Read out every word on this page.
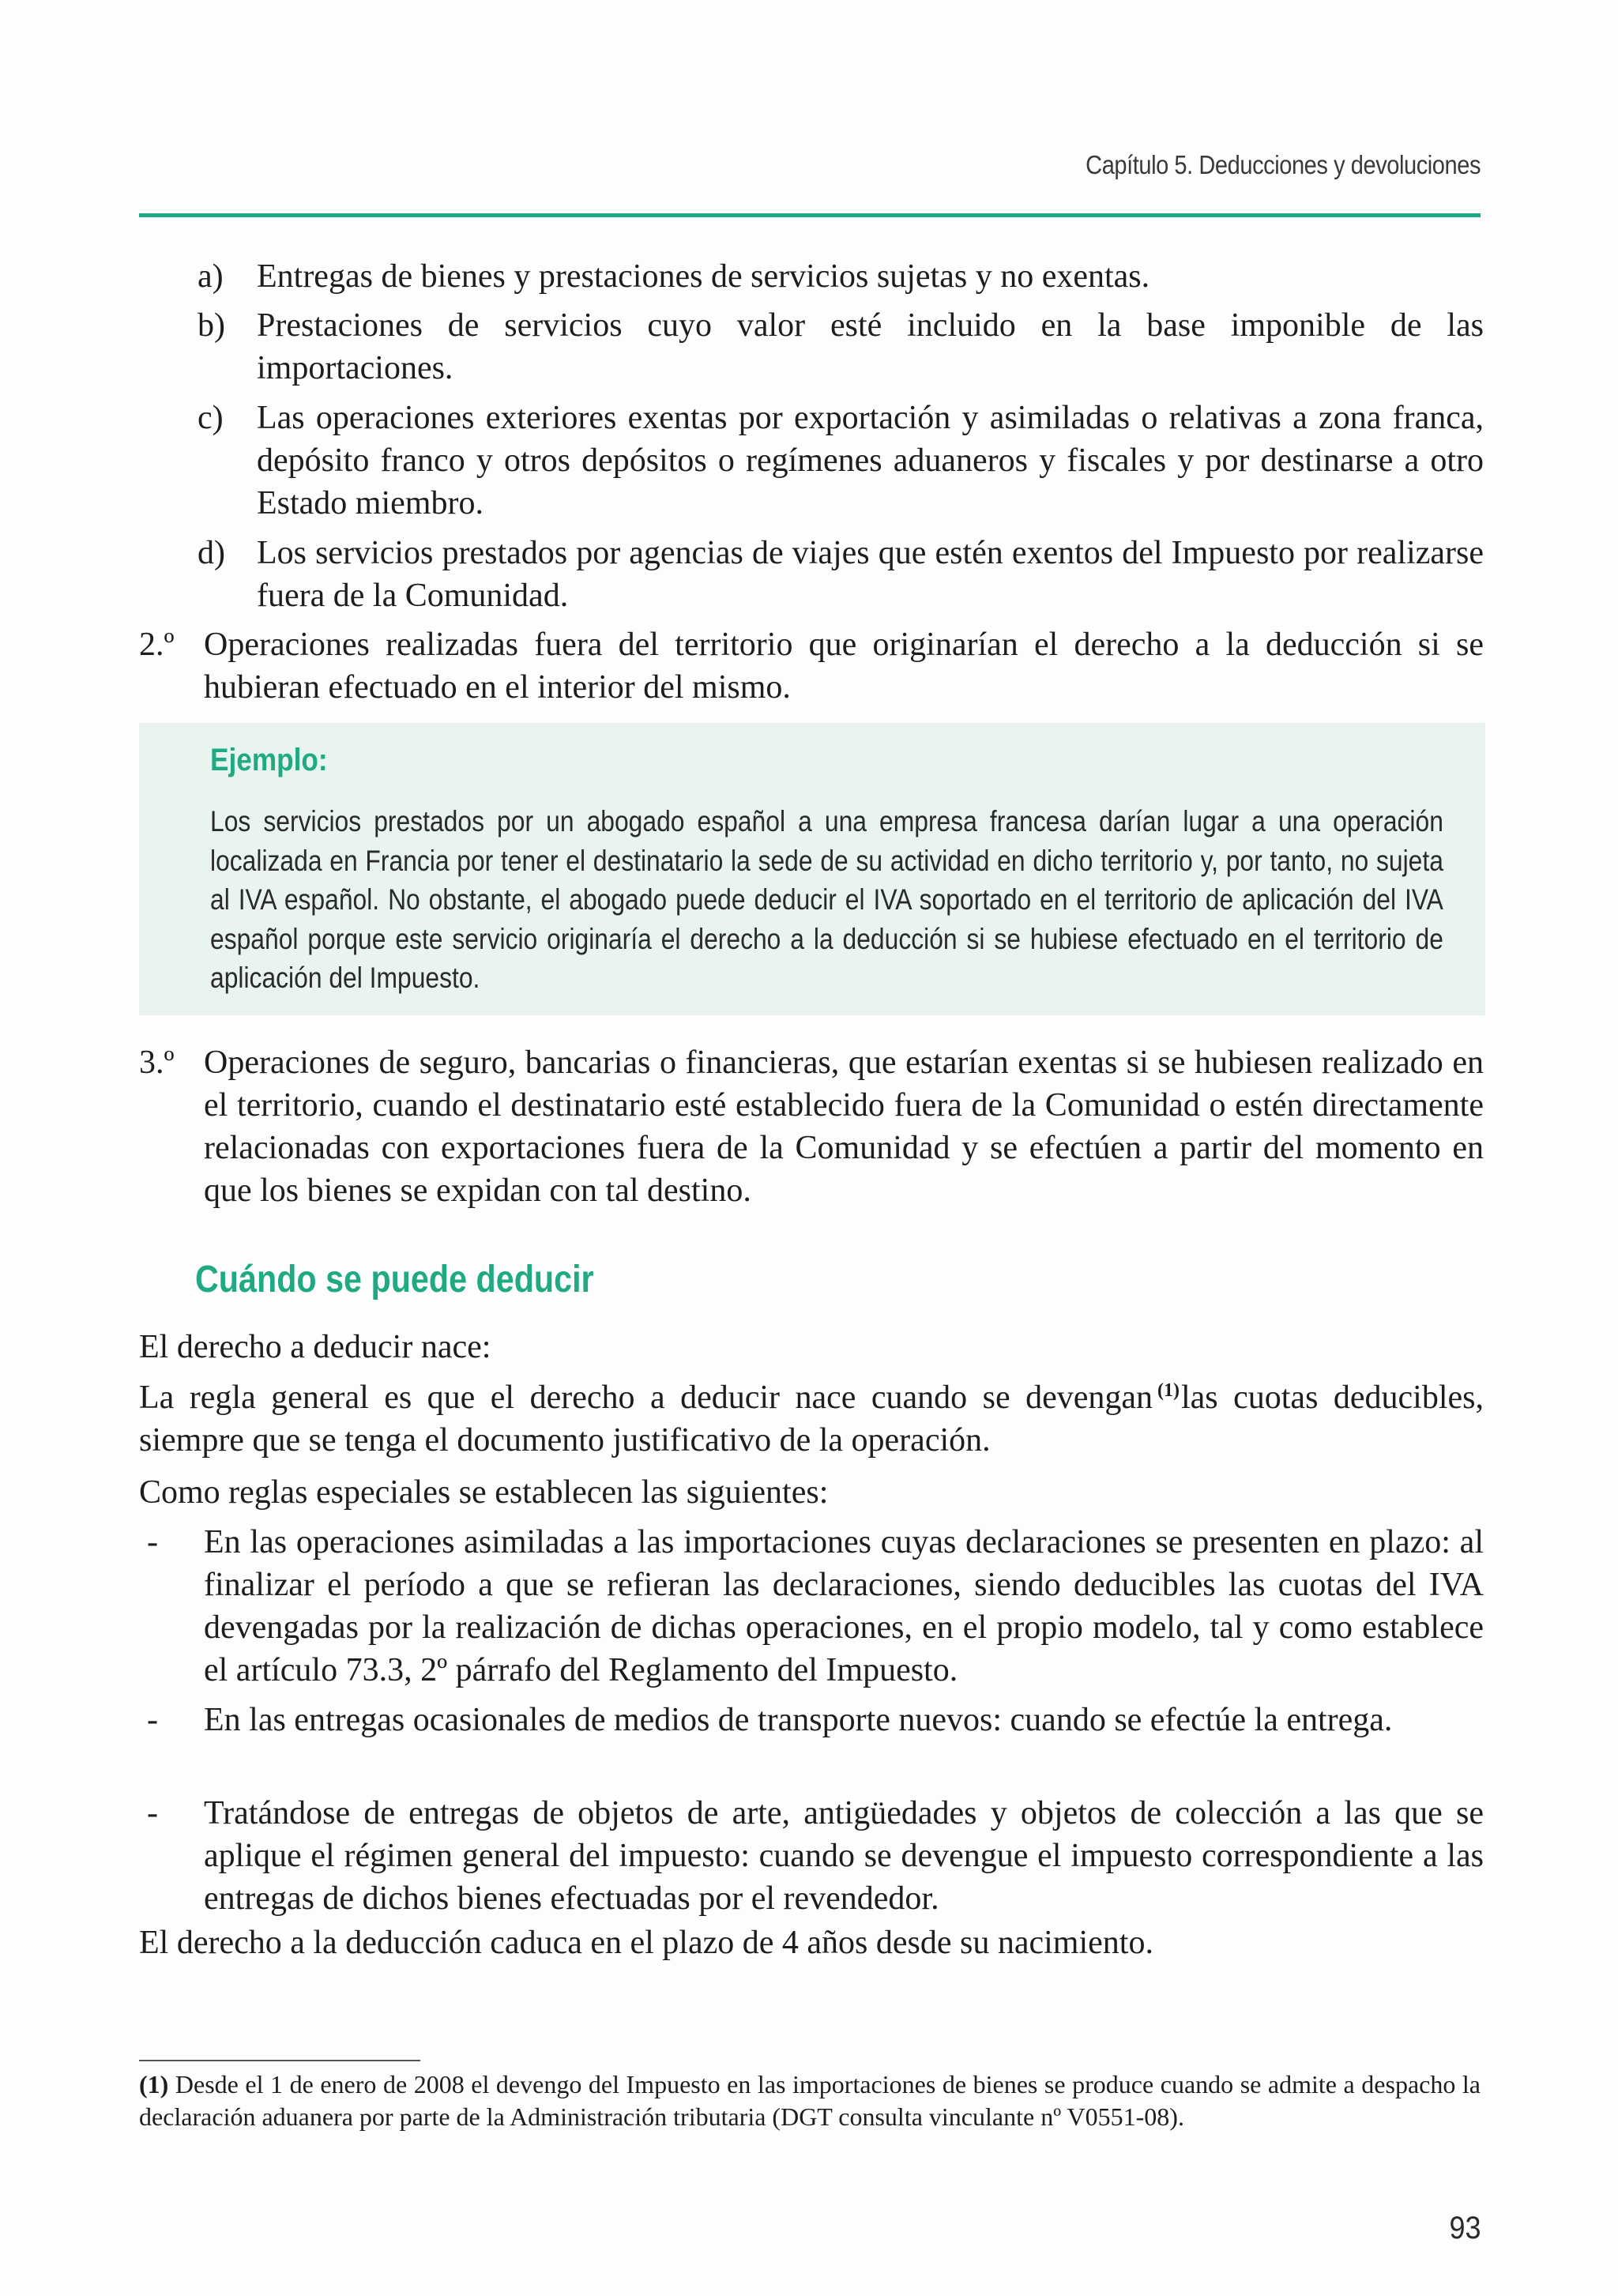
Capítulo 5. Deducciones y devoluciones
a) Entregas de bienes y prestaciones de servicios sujetas y no exentas.
b) Prestaciones de servicios cuyo valor esté incluido en la base imponible de las importaciones.
c) Las operaciones exteriores exentas por exportación y asimiladas o relativas a zona franca, depósito franco y otros depósitos o regímenes aduaneros y fiscales y por destinarse a otro Estado miembro.
d) Los servicios prestados por agencias de viajes que estén exentos del Impuesto por realizarse fuera de la Comunidad.
2.º Operaciones realizadas fuera del territorio que originarían el derecho a la deducción si se hubieran efectuado en el interior del mismo.
Ejemplo:
Los servicios prestados por un abogado español a una empresa francesa darían lugar a una operación localizada en Francia por tener el destinatario la sede de su actividad en dicho territorio y, por tanto, no sujeta al IVA español. No obstante, el abogado puede deducir el IVA soportado en el territorio de aplicación del IVA español porque este servicio originaría el derecho a la deducción si se hubiese efectuado en el territorio de aplicación del Impuesto.
3.º Operaciones de seguro, bancarias o financieras, que estarían exentas si se hubiesen realizado en el territorio, cuando el destinatario esté establecido fuera de la Comunidad o estén directamente relacionadas con exportaciones fuera de la Comunidad y se efectúen a partir del momento en que los bienes se expidan con tal destino.
Cuándo se puede deducir
El derecho a deducir nace:
La regla general es que el derecho a deducir nace cuando se devengan $^{(1)}$las cuotas deducibles, siempre que se tenga el documento justificativo de la operación.
Como reglas especiales se establecen las siguientes:
- En las operaciones asimiladas a las importaciones cuyas declaraciones se presenten en plazo: al finalizar el período a que se refieran las declaraciones, siendo deducibles las cuotas del IVA devengadas por la realización de dichas operaciones, en el propio modelo, tal y como establece el artículo 73.3, 2º párrafo del Reglamento del Impuesto.
- En las entregas ocasionales de medios de transporte nuevos: cuando se efectúe la entrega.
- Tratándose de entregas de objetos de arte, antigüedades y objetos de colección a las que se aplique el régimen general del impuesto: cuando se devengue el impuesto correspondiente a las entregas de dichos bienes efectuadas por el revendedor.
El derecho a la deducción caduca en el plazo de 4 años desde su nacimiento.
(1) Desde el 1 de enero de 2008 el devengo del Impuesto en las importaciones de bienes se produce cuando se admite a despacho la declaración aduanera por parte de la Administración tributaria (DGT consulta vinculante nº V0551-08).
93
